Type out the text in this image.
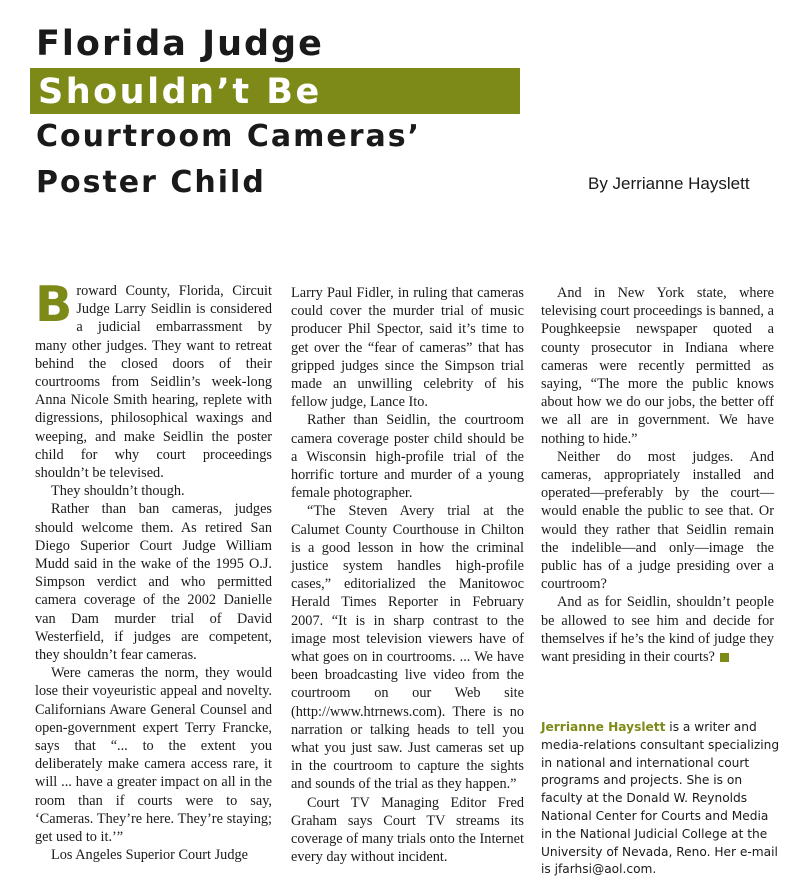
Florida Judge
Shouldn’t Be
Courtroom Cameras’
Poster Child	By Jerrianne Hayslett

Broward County, Florida, Circuit Judge Larry Seidlin is considered a judicial embarrassment by many other judges. They want to retreat behind the closed doors of their courtrooms from Seidlin’s week-long Anna Nicole Smith hearing, replete with digressions, philosophical waxings and weeping, and make Seidlin the poster child for why court proceedings shouldn’t be televised.

They shouldn’t though.

Rather than ban cameras, judges should welcome them. As retired San Diego Superior Court Judge William Mudd said in the wake of the 1995 O.J. Simpson verdict and who permitted camera coverage of the 2002 Danielle van Dam murder trial of David Westerfield, if judges are competent, they shouldn’t fear cameras.

Were cameras the norm, they would lose their voyeuristic appeal and novelty. Californians Aware General Counsel and open-government expert Terry Francke, says that “... to the extent you deliberately make camera access rare, it will ... have a greater impact on all in the room than if courts were to say, ‘Cameras. They’re here. They’re staying; get used to it.’”

Los Angeles Superior Court Judge

Larry Paul Fidler, in ruling that cameras could cover the murder trial of music producer Phil Spector, said it’s time to get over the “fear of cameras” that has gripped judges since the Simpson trial made an unwilling celebrity of his fellow judge, Lance Ito.

Rather than Seidlin, the courtroom camera coverage poster child should be a Wisconsin high-profile trial of the horrific torture and murder of a young female photographer.

“The Steven Avery trial at the Calumet County Courthouse in Chilton is a good lesson in how the criminal justice system handles high-profile cases,” editorialized the Manitowoc Herald Times Reporter in February 2007. “It is in sharp contrast to the image most television viewers have of what goes on in courtrooms. ... We have been broadcasting live video from the courtroom on our Web site (http://www.htrnews.com). There is no narration or talking heads to tell you what you just saw. Just cameras set up in the courtroom to capture the sights and sounds of the trial as they happen.”

Court TV Managing Editor Fred Graham says Court TV streams its coverage of many trials onto the Internet every day without incident.

And in New York state, where televising court proceedings is banned, a Poughkeepsie newspaper quoted a county prosecutor in Indiana where cameras were recently permitted as saying, “The more the public knows about how we do our jobs, the better off we all are in government. We have nothing to hide.”

Neither do most judges. And cameras, appropriately installed and operated—preferably by the court—would enable the public to see that. Or would they rather that Seidlin remain the indelible—and only—image the public has of a judge presiding over a courtroom?

And as for Seidlin, shouldn’t people be allowed to see him and decide for themselves if he’s the kind of judge they want presiding in their courts?

Jerrianne Hayslett is a writer and media-relations consultant specializing in national and international court programs and projects. She is on faculty at the Donald W. Reynolds National Center for Courts and Media in the National Judicial College at the University of Nevada, Reno. Her e-mail is jfarhsi@aol.com.
